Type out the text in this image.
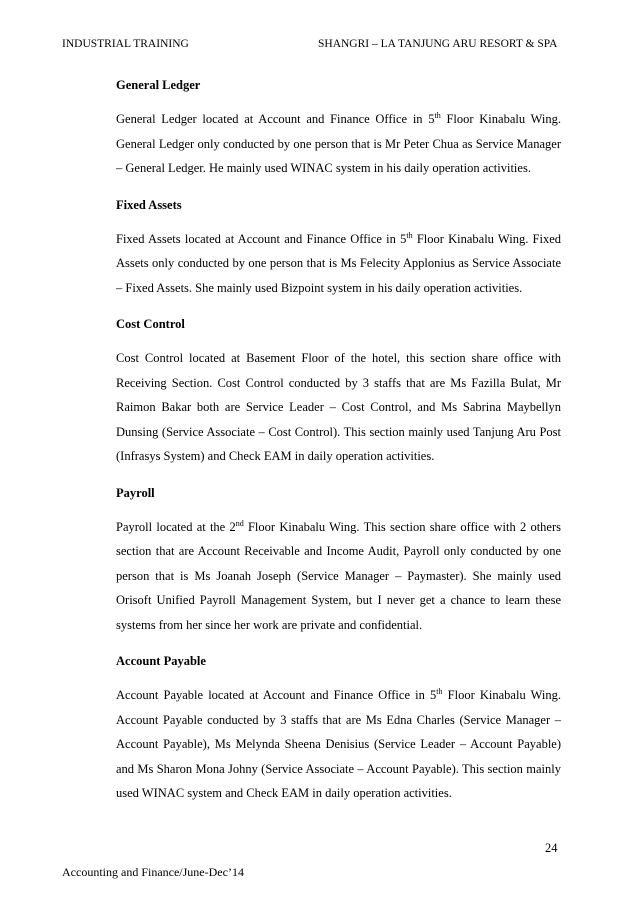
INDUSTRIAL TRAINING	SHANGRI – LA TANJUNG ARU RESORT & SPA
General Ledger

General Ledger located at Account and Finance Office in 5th Floor Kinabalu Wing. General Ledger only conducted by one person that is Mr Peter Chua as Service Manager – General Ledger. He mainly used WINAC system in his daily operation activities.

Fixed Assets

Fixed Assets located at Account and Finance Office in 5th Floor Kinabalu Wing. Fixed Assets only conducted by one person that is Ms Felecity Applonius as Service Associate – Fixed Assets. She mainly used Bizpoint system in his daily operation activities.

Cost Control

Cost Control located at Basement Floor of the hotel, this section share office with Receiving Section. Cost Control conducted by 3 staffs that are Ms Fazilla Bulat, Mr Raimon Bakar both are Service Leader – Cost Control, and Ms Sabrina Maybellyn Dunsing (Service Associate – Cost Control). This section mainly used Tanjung Aru Post (Infrasys System) and Check EAM in daily operation activities.

Payroll

Payroll located at the 2nd Floor Kinabalu Wing. This section share office with 2 others section that are Account Receivable and Income Audit, Payroll only conducted by one person that is Ms Joanah Joseph (Service Manager – Paymaster). She mainly used Orisoft Unified Payroll Management System, but I never get a chance to learn these systems from her since her work are private and confidential.

Account Payable

Account Payable located at Account and Finance Office in 5th Floor Kinabalu Wing. Account Payable conducted by 3 staffs that are Ms Edna Charles (Service Manager – Account Payable), Ms Melynda Sheena Denisius (Service Leader – Account Payable) and Ms Sharon Mona Johny (Service Associate – Account Payable). This section mainly used WINAC system and Check EAM in daily operation activities.

24
Accounting and Finance/June-Dec’14
